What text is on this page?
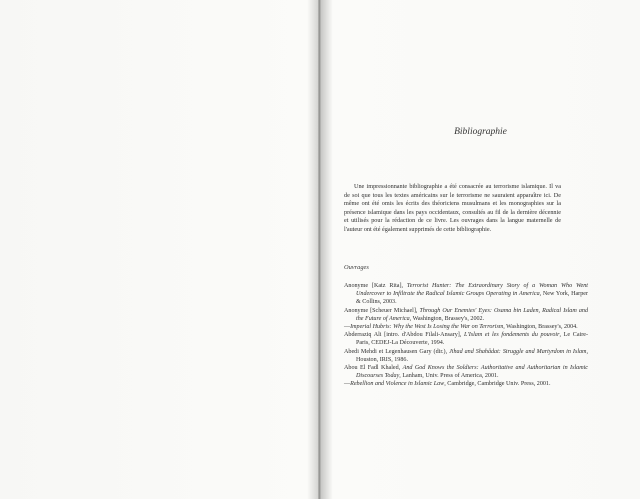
Bibliographie

Une impressionnante bibliographie a été consacrée au terrorisme islamique. Il va de soi que tous les textes américains sur le terrorisme ne sauraient apparaître ici. De même ont été omis les écrits des théoriciens musulmans et les monographies sur la présence islamique dans les pays occidentaux, consultés au fil de la dernière décennie et utilisés pour la rédaction de ce livre. Les ouvrages dans la langue maternelle de l'auteur ont été également supprimés de cette bibliographie.

Ouvrages

Anonyme [Katz Rita], Terrorist Hunter: The Extraordinary Story of a Woman Who Went Undercover to Infiltrate the Radical Islamic Groups Operating in America, New York, Harper & Collins, 2003.

Anonyme [Scheuer Michael], Through Our Enemies' Eyes: Osama bin Laden, Radical Islam and the Future of America, Washington, Brassey's, 2002.

—Imperial Hubris: Why the West Is Losing the War on Terrorism, Washington, Brassey's, 2004.

Abderraziq Ali [intro. d'Abdou Filali-Ansary], L'Islam et les fondements du pouvoir, Le Caire-Paris, CEDEJ-La Découverte, 1994.

Abedi Mehdi et Legenhausen Gary (dir.), Jihad and Shahâdat: Struggle and Martyrdom in Islam, Houston, IRIS, 1986.

Abou El Fadl Khaled, And God Knows the Soldiers: Authoritative and Authoritarian in Islamic Discourses Today, Lanham, Univ. Press of America, 2001.

—Rebellion and Violence in Islamic Law, Cambridge, Cambridge Univ. Press, 2001.
